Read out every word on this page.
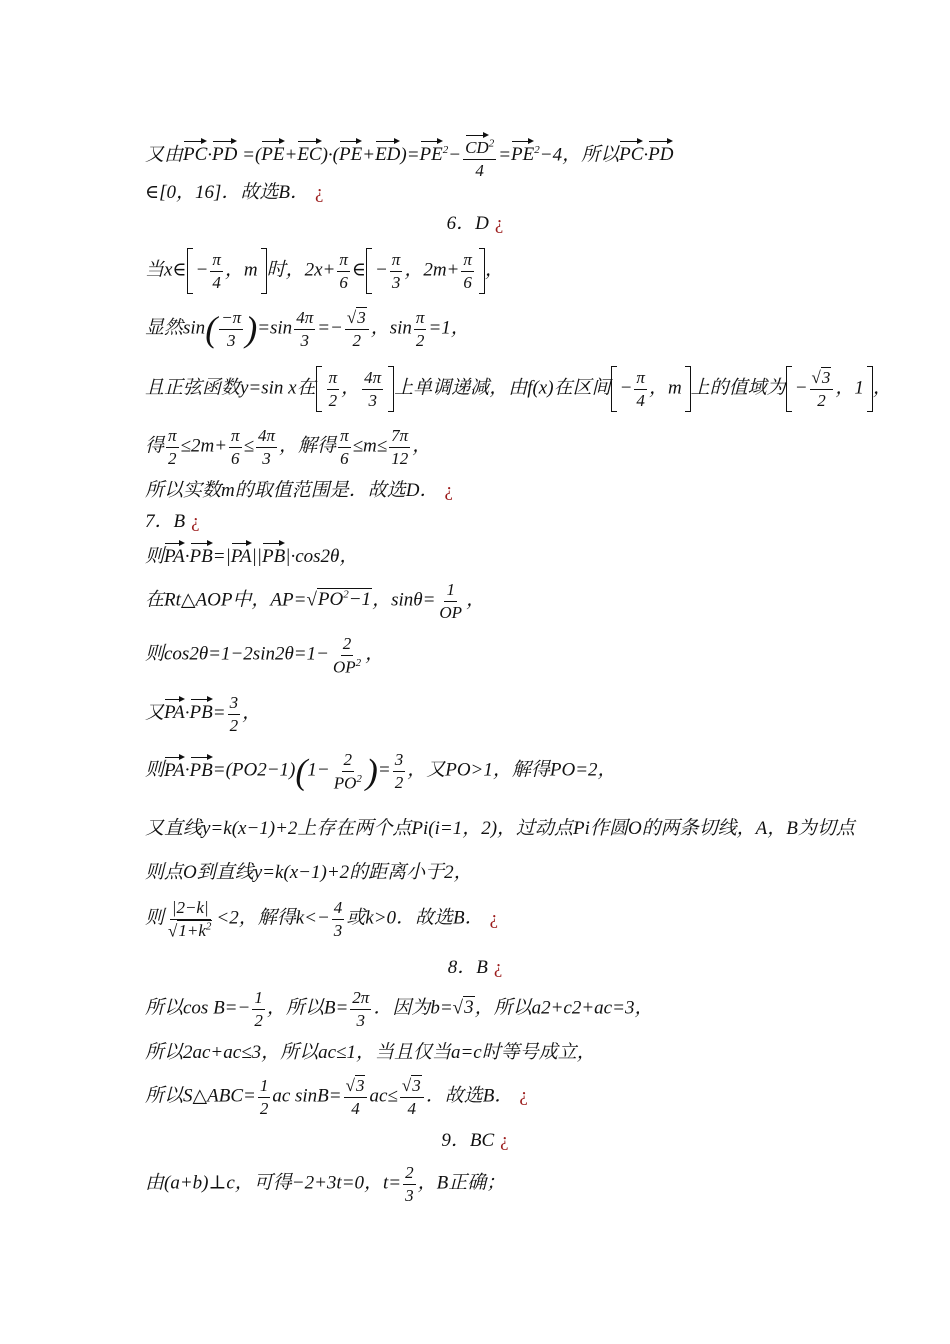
又由$PC\cdot PD =(PE+EC)\cdot(PE+ED)=PE^2- \frac{CD^2}{4} =PE^2-4$，所以PC·PD
∈[0，16]．故选B． ¿
6．D ¿
当x∈ − $\frac{\pi}{4}$ ，m 时，$2x+ \frac{\pi}{6}$ ∈ − $\frac{\pi}{3}$ ，$2m+ \frac{\pi}{6}$ ，
显然$\sin( \frac{-\pi}{3} )=\sin \frac{4\pi}{3} =- \frac{√3}{2}$ ，$\sin \frac{\pi}{2} =1$，
且正弦函数y=sin x在 $\frac{\pi}{2}$ ， $\frac{4\pi}{3}$ 上单调递减，由f(x)在区间 − $\frac{\pi}{4}$ ，m 上的值域为 − $\frac{√3}{2}$ ，1 ，
得 $\frac{\pi}{2} \le 2m+ \frac{\pi}{6} \le \frac{4\pi}{3}$ ，解得 $\frac{\pi}{6} \le m\le \frac{7\pi}{12}$ ，
所以实数m的取值范围是．故选D． ¿
7．B ¿
则PA·PB=|PA||PB|·cos2θ，
在Rt△AOP中，$AP=√PO^2-1$，$\sin\theta= \frac{1}{OP}$ ，
则$\cos 2\theta=1-2\sin 2\theta=1- \frac{2}{OP^2}$ ，
又$PA\cdot PB= \frac{3}{2}$ ，
则$PA\cdot PB=(PO2-1)(1- \frac{2}{PO^2}$ )= $\frac{3}{2}$ ，又PO>1，解得PO=2，
又直线y=k(x−1)+2上存在两个点Pi(i=1，2)，过动点Pi作圆O的两条切线，A，B为切点
则点O到直线y=k(x−1)+2的距离小于2，
则 $\frac{|2-k|}{√1+k^2} <2$，解得$k<- \frac{4}{3}$ 或k>0．故选B． ¿
8．B ¿
所以$\cos B=- \frac{1}{2}$ ，所以$B= \frac{2\pi}{3}$ ．因为b=√3，所以a2+c2+ac=3，
所以2ac+ac≤3，所以ac≤1，当且仅当a=c时等号成立，
所以S△ABC= $\frac{1}{2}$ ac $\sin B= \frac{√3}{4} ac\le \frac{√3}{4}$ ．故选B． ¿
9．BC ¿
由(a+b)⊥c，可得−2+3t=0，$t= \frac{2}{3}$ ，B正确；
